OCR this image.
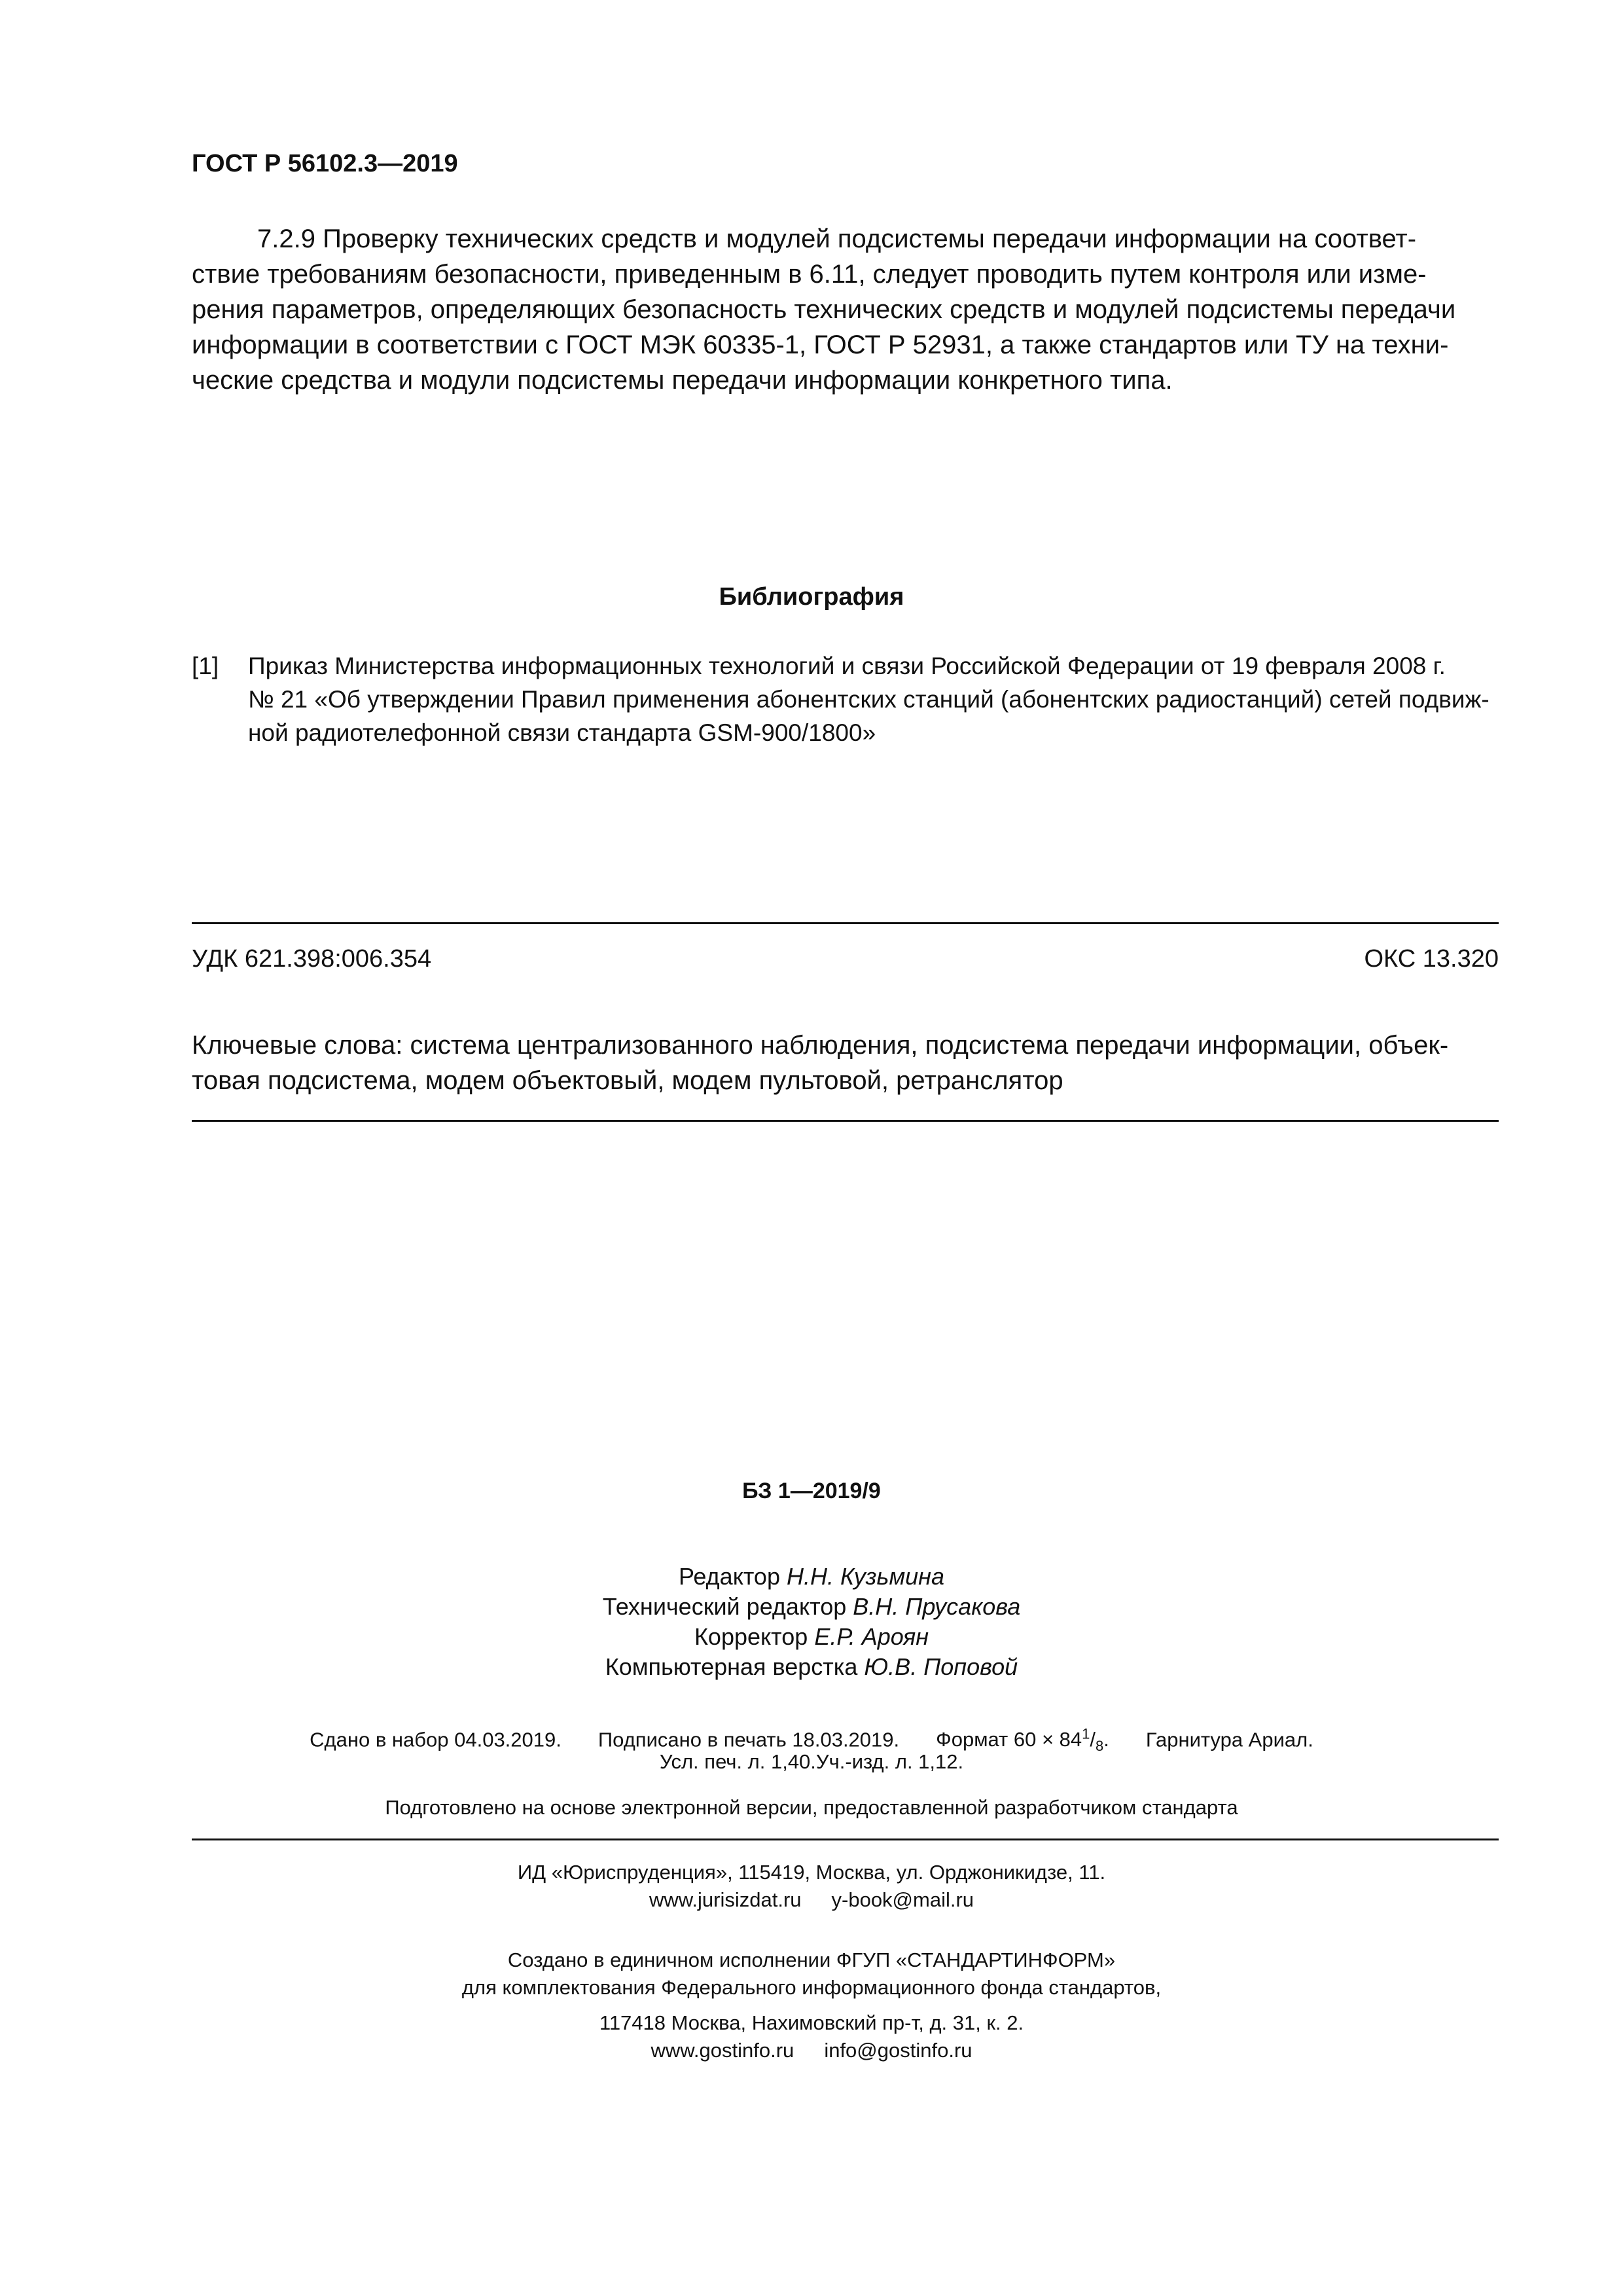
ГОСТ Р 56102.3—2019

7.2.9 Проверку технических средств и модулей подсистемы передачи информации на соответ-

ствие требованиям безопасности, приведенным в 6.11, следует проводить путем контроля или изме-

рения параметров, определяющих безопасность технических средств и модулей подсистемы передачи

информации в соответствии с ГОСТ МЭК 60335-1, ГОСТ Р 52931, а также стандартов или ТУ на техни-

ческие средства и модули подсистемы передачи информации конкретного типа.

Библиография
[1] Приказ Министерства информационных технологий и связи Российской Федерации от 19 февраля 2008 г.
№ 21 «Об утверждении Правил применения абонентских станций (абонентских радиостанций) сетей подвиж-
ной радиотелефонной связи стандарта GSM-900/1800»
УДК 621.398:006.354	ОКС 13.320
Ключевые слова: система централизованного наблюдения, подсистема передачи информации, объек-
товая подсистема, модем объектовый, модем пультовой, ретранслятор
БЗ 1—2019/9
Редактор Н.Н. Кузьмина
Технический редактор В.Н. Прусакова
Корректор Е.Р. Ароян
Компьютерная верстка Ю.В. Поповой
Сдано в набор 04.03.2019. Подписано в печать 18.03.2019. Формат $60 \times 84^1/_8$. Гарнитура Ариал.
Усл. печ. л. 1,40.Уч.-изд. л. 1,12.
Подготовлено на основе электронной версии, предоставленной разработчиком стандарта
ИД «Юриспруденция», 115419, Москва, ул. Орджоникидзе, 11.
www.jurisizdat.ru y-book@mail.ru
Создано в единичном исполнении ФГУП «СТАНДАРТИНФОРМ»
для комплектования Федерального информационного фонда стандартов,
117418 Москва, Нахимовский пр-т, д. 31, к. 2.
www.gostinfo.ru info@gostinfo.ru
